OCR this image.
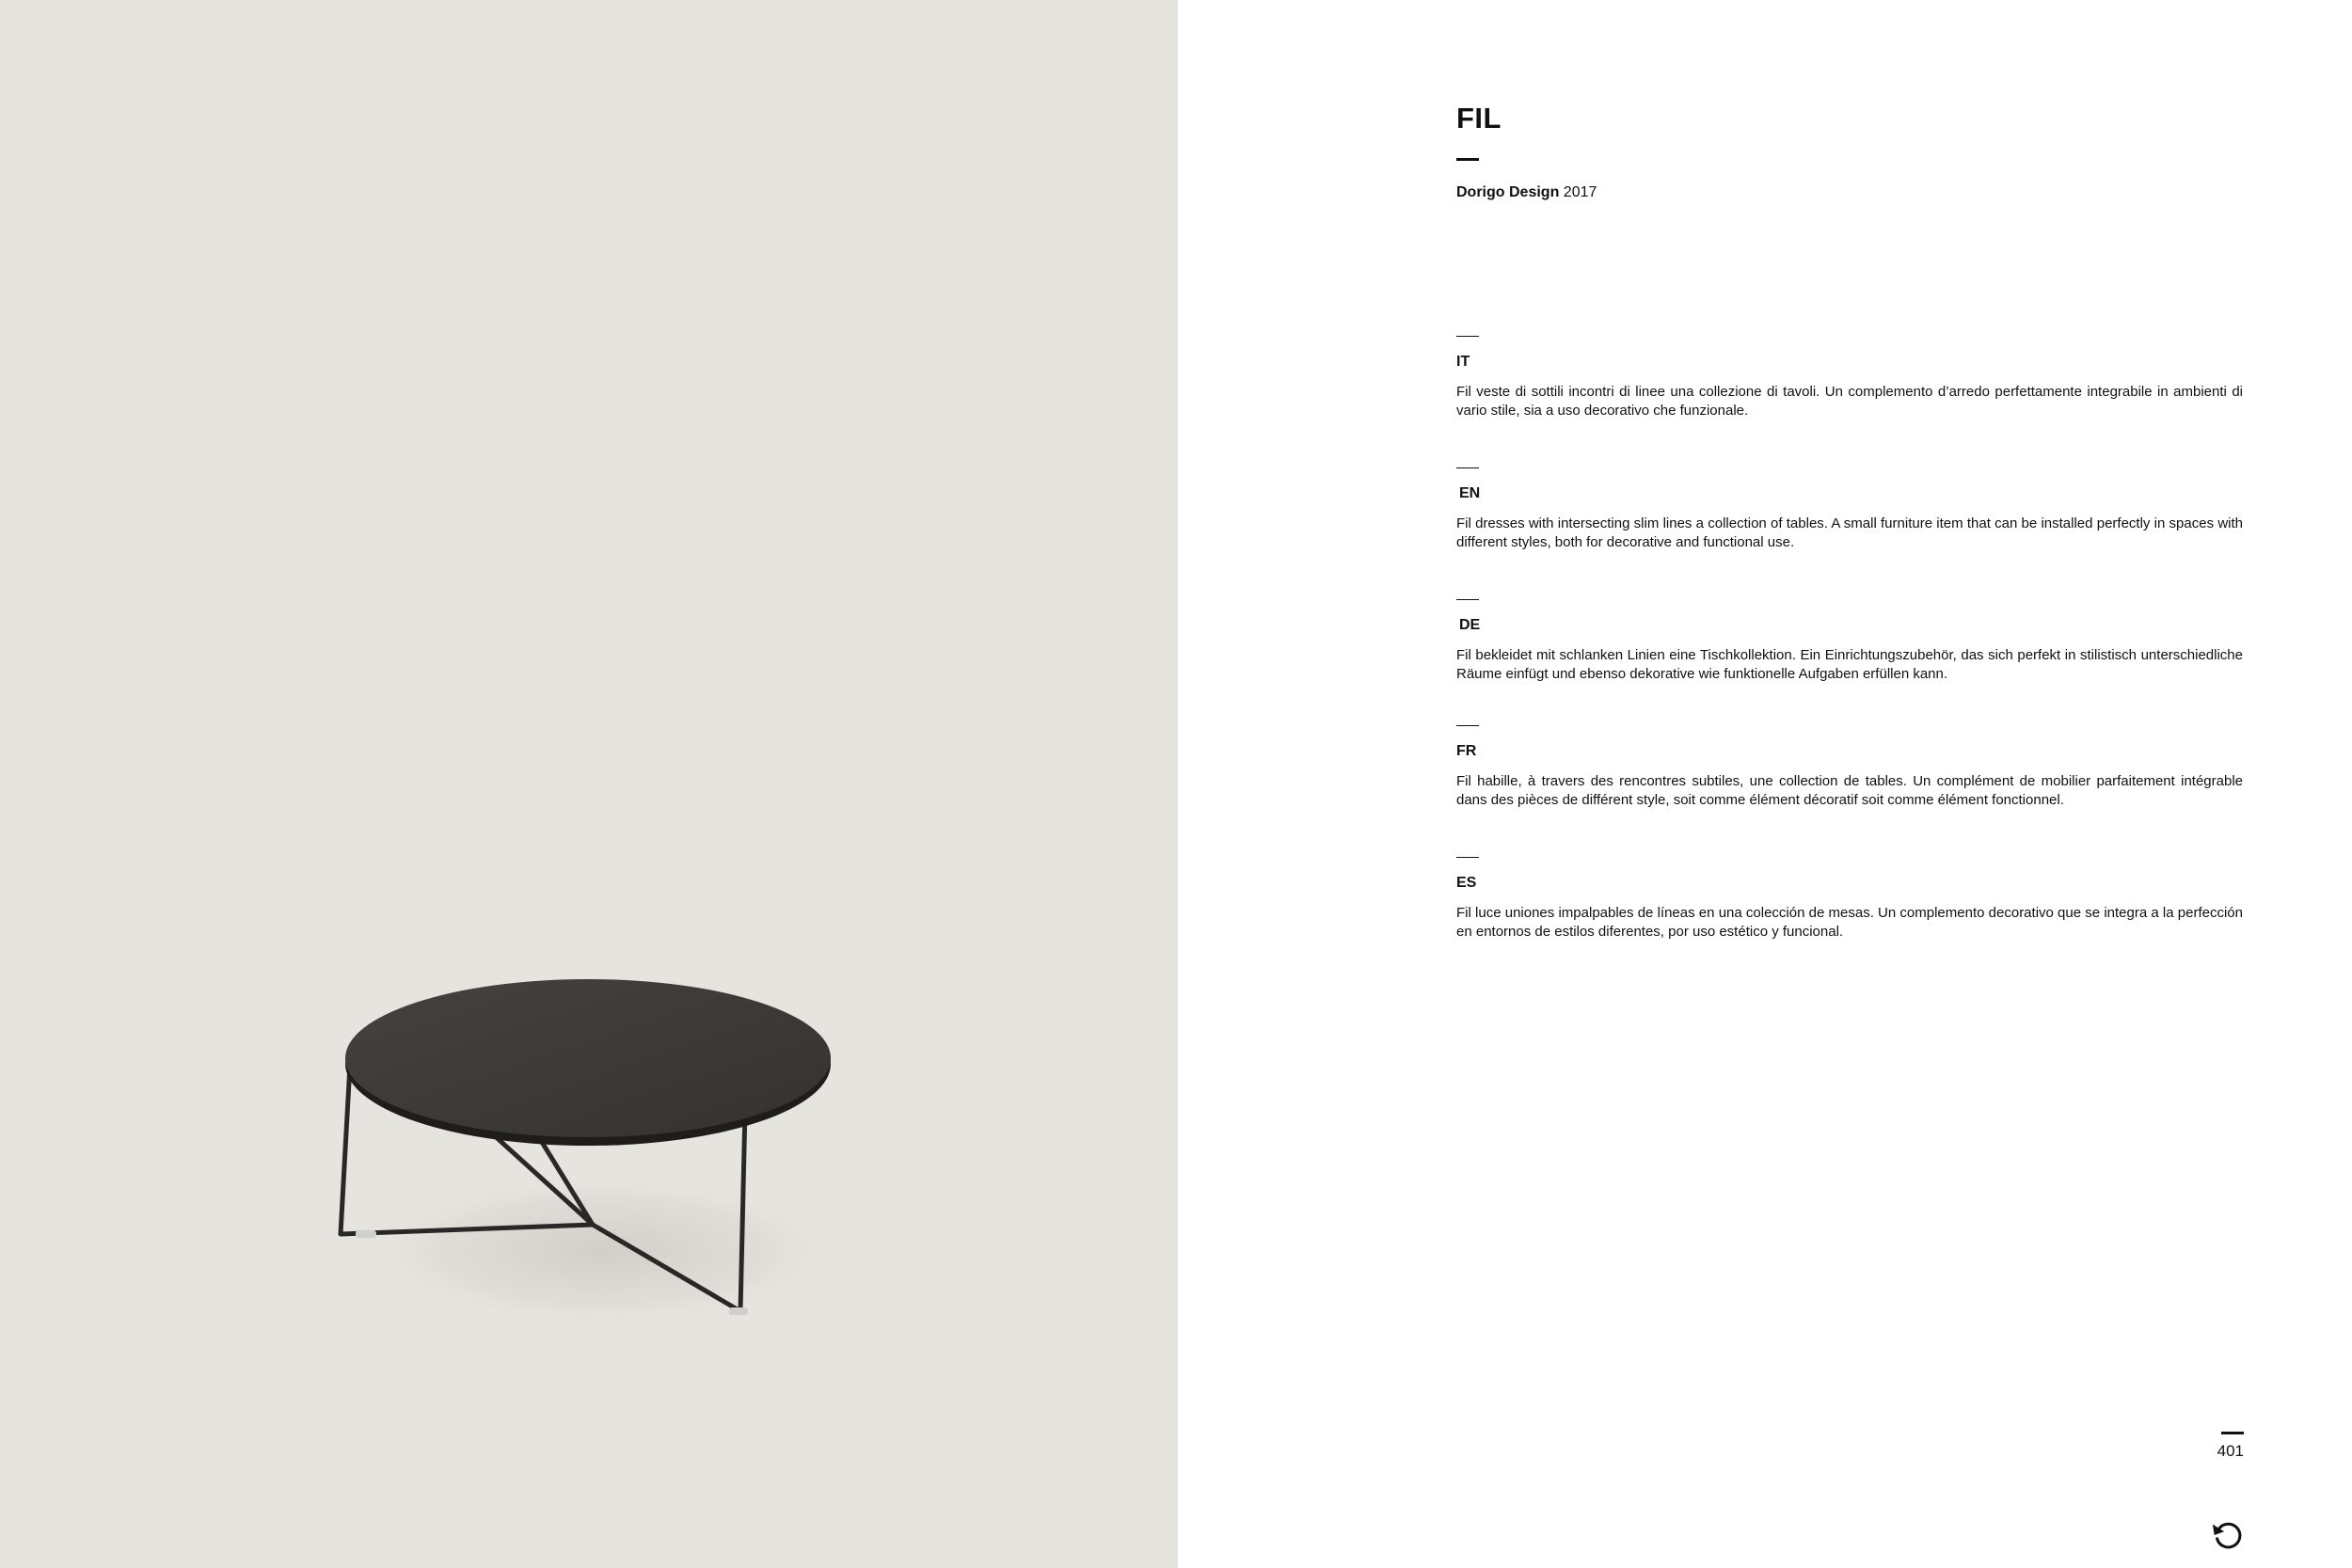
FIL
Dorigo Design 2017
IT

Fil veste di sottili incontri di linee una collezione di tavoli. Un complemento d’arredo perfettamente integrabile in ambienti di vario stile, sia a uso decorativo che funzionale.

EN

Fil dresses with intersecting slim lines a collection of tables. A small furniture item that can be installed perfectly in spaces with different styles, both for decorative and functional use.

DE

Fil bekleidet mit schlanken Linien eine Tischkollektion. Ein Einrichtungszubehör, das sich perfekt in stilistisch unterschiedliche Räume einfügt und ebenso dekorative wie funktionelle Aufgaben erfüllen kann.

FR

Fil habille, à travers des rencontres subtiles, une collection de tables. Un complément de mobilier parfaitement intégrable dans des pièces de différent style, soit comme élément décoratif soit comme élément fonctionnel.

ES

Fil luce uniones impalpables de líneas en una colección de mesas. Un complemento decorativo que se integra a la perfección en entornos de estilos diferentes, por uso estético y funcional.

401
